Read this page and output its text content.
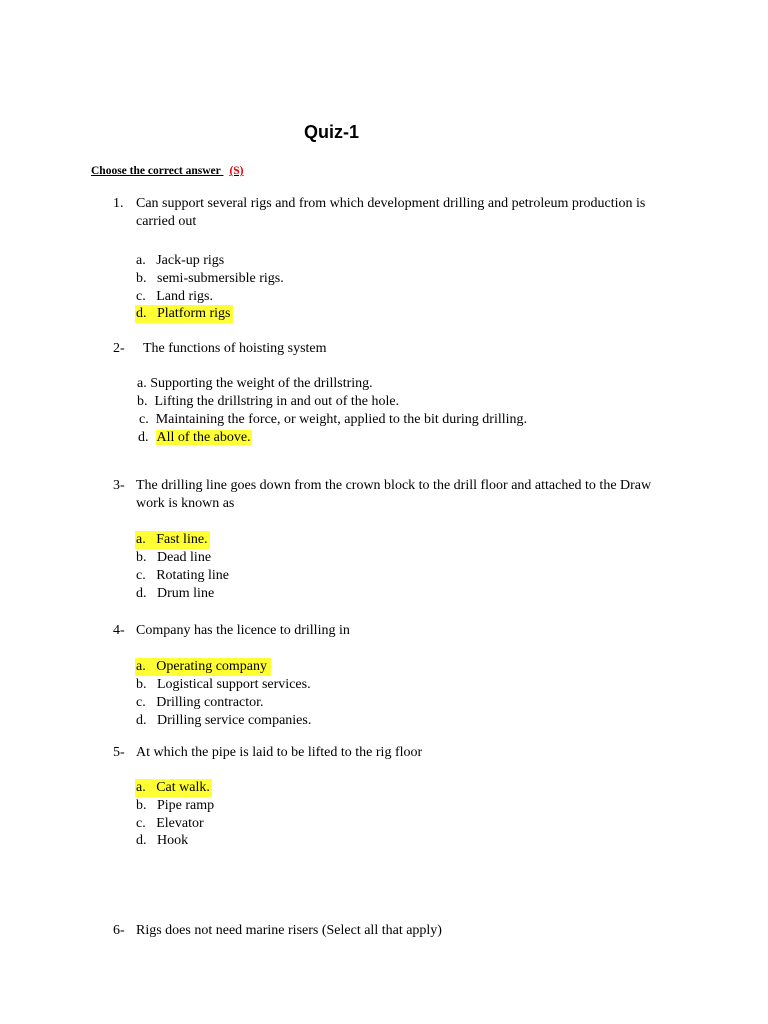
Quiz-1
Choose the correct answer (S)
1. Can support several rigs and from which development drilling and petroleum production is carried out
a. Jack-up rigs
b. semi-submersible rigs.
c. Land rigs.
d. Platform rigs
2- The functions of hoisting system
a. Supporting the weight of the drillstring.
b. Lifting the drillstring in and out of the hole.
c. Maintaining the force, or weight, applied to the bit during drilling.
d. All of the above.
3- The drilling line goes down from the crown block to the drill floor and attached to the Draw work is known as
a. Fast line.
b. Dead line
c. Rotating line
d. Drum line
4- Company has the licence to drilling in
a. Operating company
b. Logistical support services.
c. Drilling contractor.
d. Drilling service companies.
5- At which the pipe is laid to be lifted to the rig floor
a. Cat walk.
b. Pipe ramp
c. Elevator
d. Hook
6- Rigs does not need marine risers (Select all that apply)
